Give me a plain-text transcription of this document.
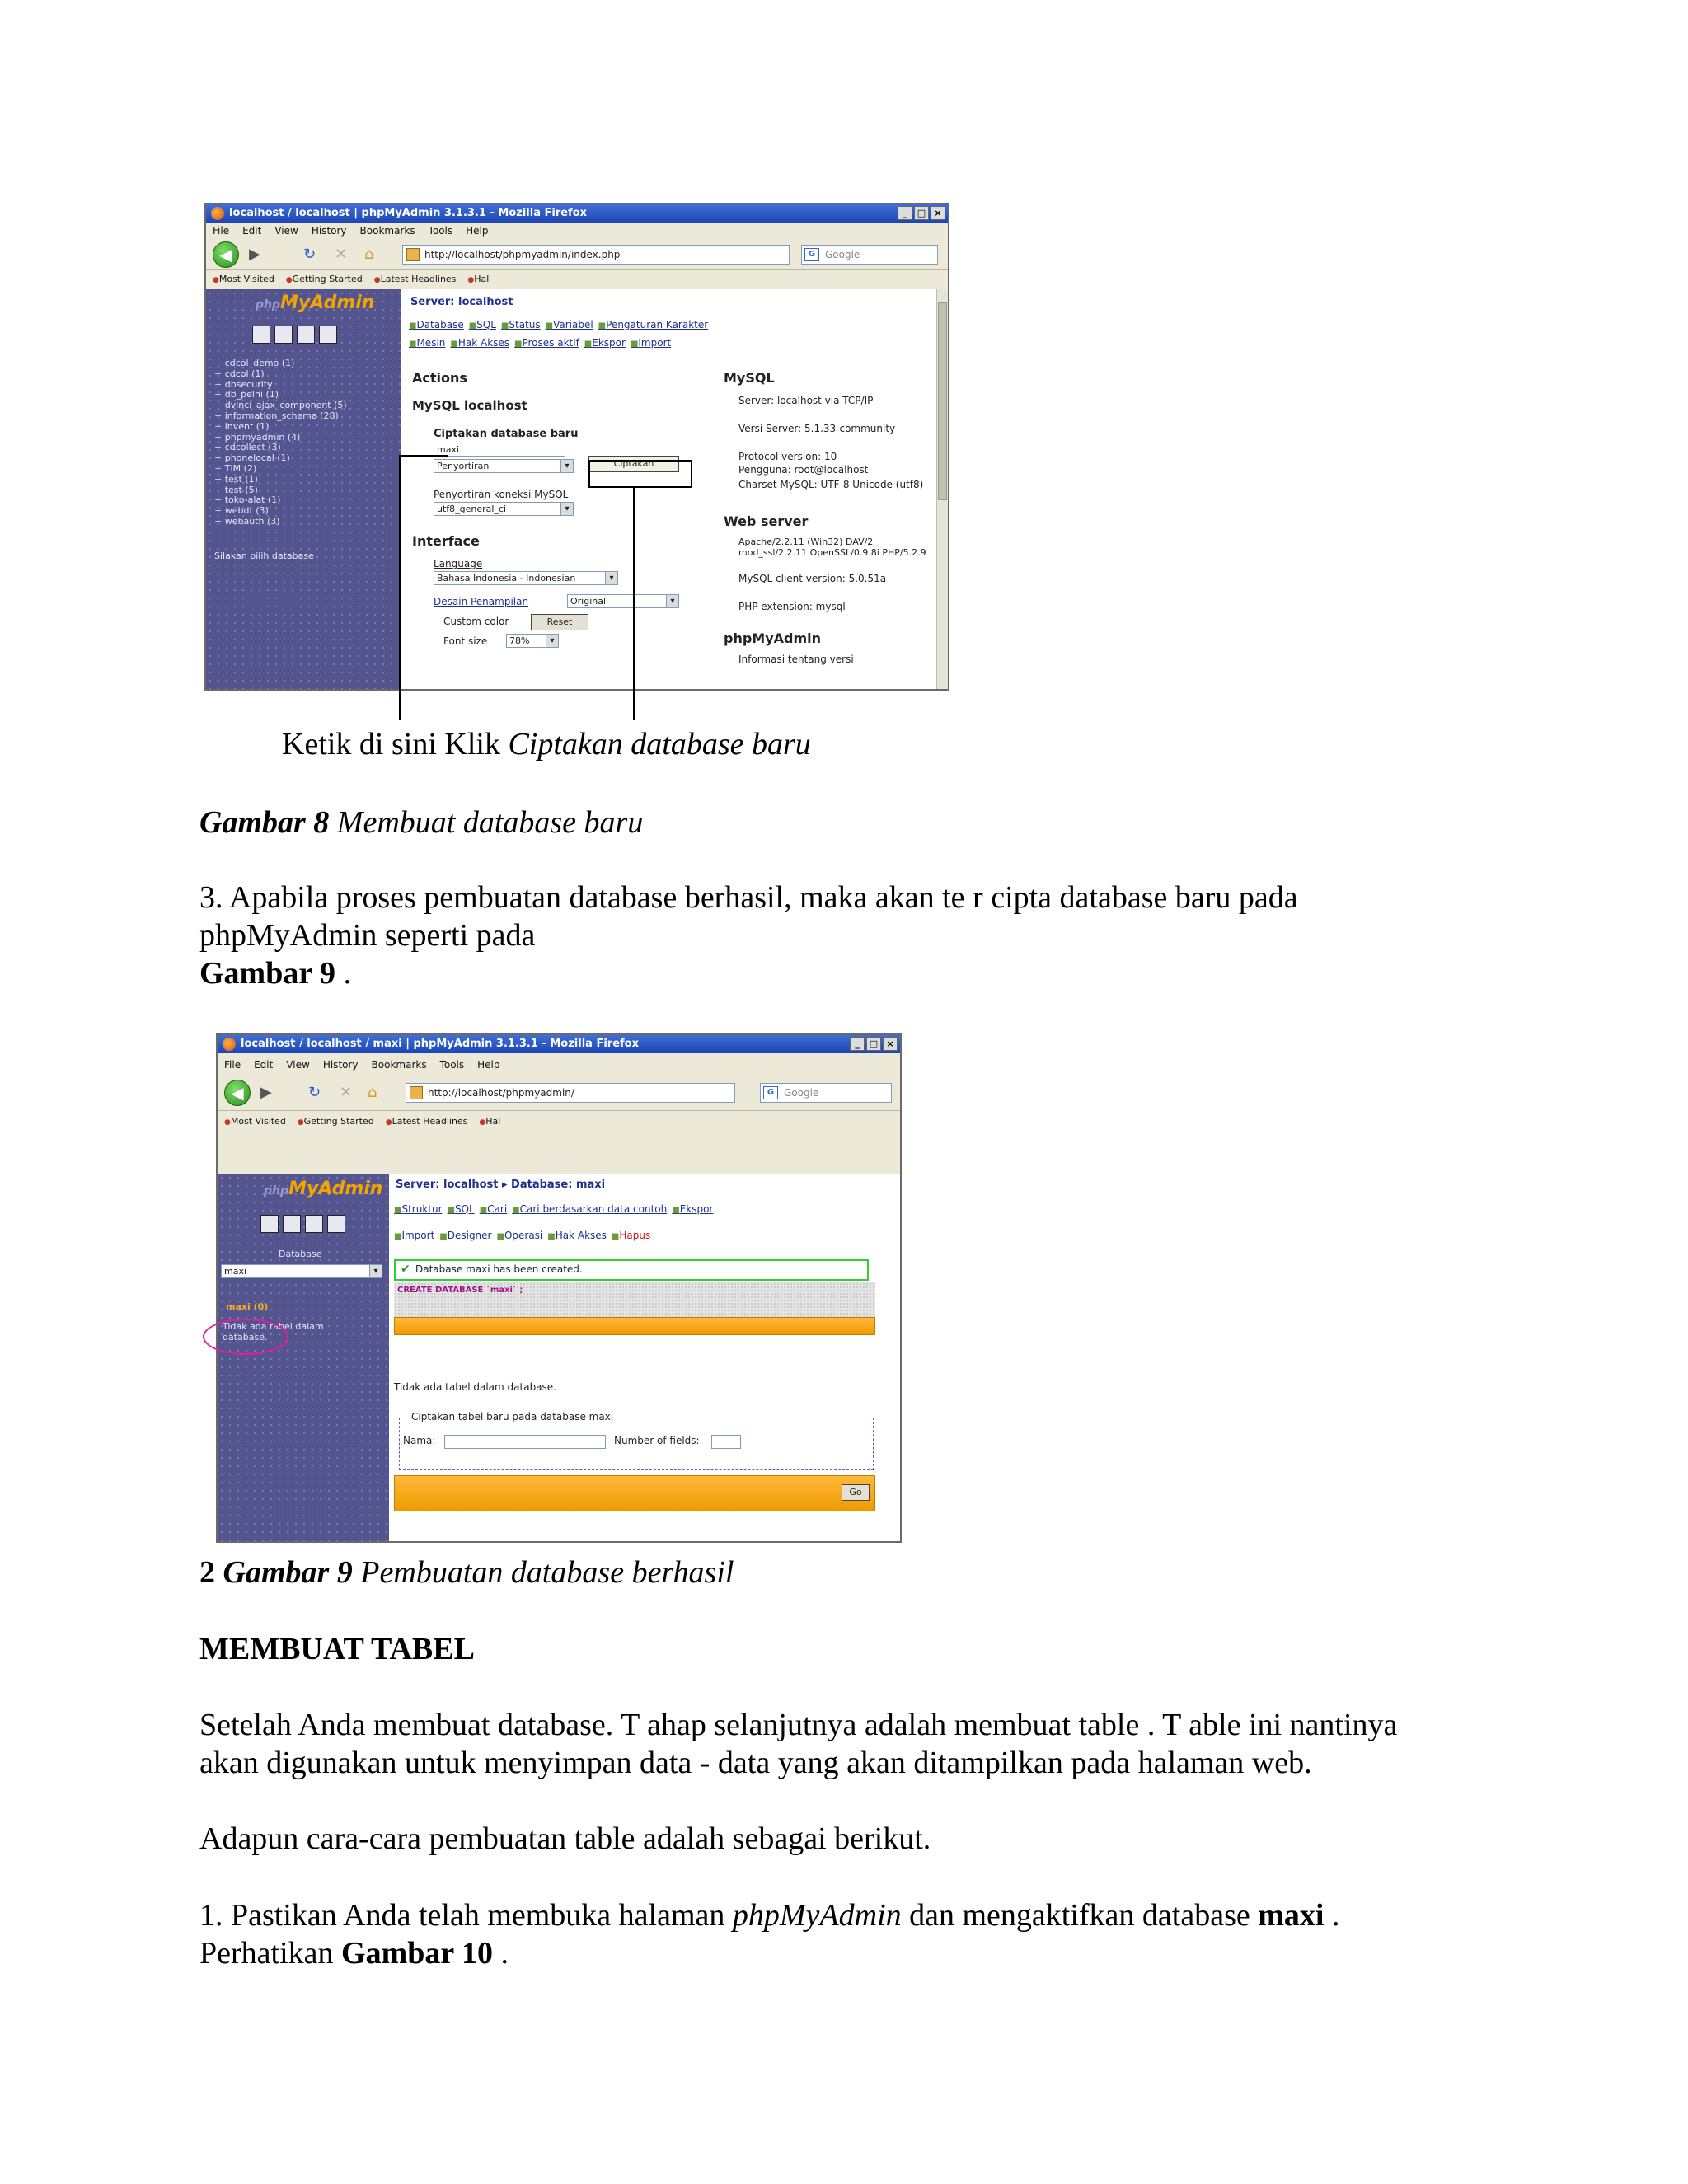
localhost / localhost | phpMyAdmin 3.1.3.1 - Mozilla Firefox	_	□ ×
File Edit View History Bookmarks Tools Help
◀	▶	↻ ✕ ⌂	http://localhost/phpmyadmin/index.php	G Google
● Most Visited	● Getting Started	● Latest Headlines	● Hal
phpMyAdmin
+ cdcol_demo (1)
+ cdcol (1)
+ dbsecurity
+ db_pelni (1)
+ dvinci_ajax_component (5)
+ information_schema (28)
+ invent (1)
+ phpmyadmin (4)
+ cdcollect (3)
+ phonelocal (1)
+ TIM (2)
+ test (1)
+ test (5)
+ toko-alat (1)
+ webdt (3)
+ webauth (3)
Silakan pilih database
Server: localhost
■ Database	■ SQL	■ Status	■ Variabel	■ Pengaturan Karakter
■ Mesin	■ Hak Akses	■ Proses aktif	■ Ekspor	■ Import
Actions
MySQL localhost
Ciptakan database baru
maxi
Penyortiran ▾	Ciptakan
Penyortiran koneksi MySQL
utf8_general_ci ▾
Interface
Language
Bahasa Indonesia - Indonesian ▾
Desain Penampilan	Original ▾
Custom color	Reset
Font size	78% ▾
MySQL
Server: localhost via TCP/IP
Versi Server: 5.1.33-community
Protocol version: 10
Pengguna: root@localhost
Charset MySQL: UTF-8 Unicode (utf8)
Web server
Apache/2.2.11 (Win32) DAV/2 mod_ssl/2.2.11 OpenSSL/0.9.8i PHP/5.2.9
MySQL client version: 5.0.51a
PHP extension: mysql
phpMyAdmin
Informasi tentang versi
Ketik di sini Klik Ciptakan database baru
Gambar 8 Membuat database baru
3. Apabila proses pembuatan database berhasil, maka akan te r cipta database baru pada
phpMyAdmin seperti pada
Gambar 9 .
localhost / localhost / maxi | phpMyAdmin 3.1.3.1 - Mozilla Firefox	_	□ ×
File Edit View History Bookmarks Tools Help
◀	▶ ↻ ✕ ⌂	http://localhost/phpmyadmin/	G Google
● Most Visited	● Getting Started	● Latest Headlines	● Hal
phpMyAdmin
Database
maxi ▾
maxi (0)
Tidak ada tabel dalam database.
Server: localhost ▸ Database: maxi
■ Struktur	■ SQL	■ Cari	■ Cari berdasarkan data contoh	■ Ekspor
■ Import	■ Designer	■ Operasi	■ Hak Akses	■ Hapus
✔ Database maxi has been created.
CREATE DATABASE `maxi` ;
Tidak ada tabel dalam database.
Ciptakan tabel baru pada database maxi
Nama:	Number of fields:
Go
2 Gambar 9 Pembuatan database berhasil
MEMBUAT TABEL
Setelah Anda membuat database. T ahap selanjutnya adalah membuat table . T able ini nantinya
akan digunakan untuk menyimpan data - data yang akan ditampilkan pada halaman web.
Adapun cara-cara pembuatan table adalah sebagai berikut.
1. Pastikan Anda telah membuka halaman phpMyAdmin dan mengaktifkan database maxi .
Perhatikan Gambar 10 .
